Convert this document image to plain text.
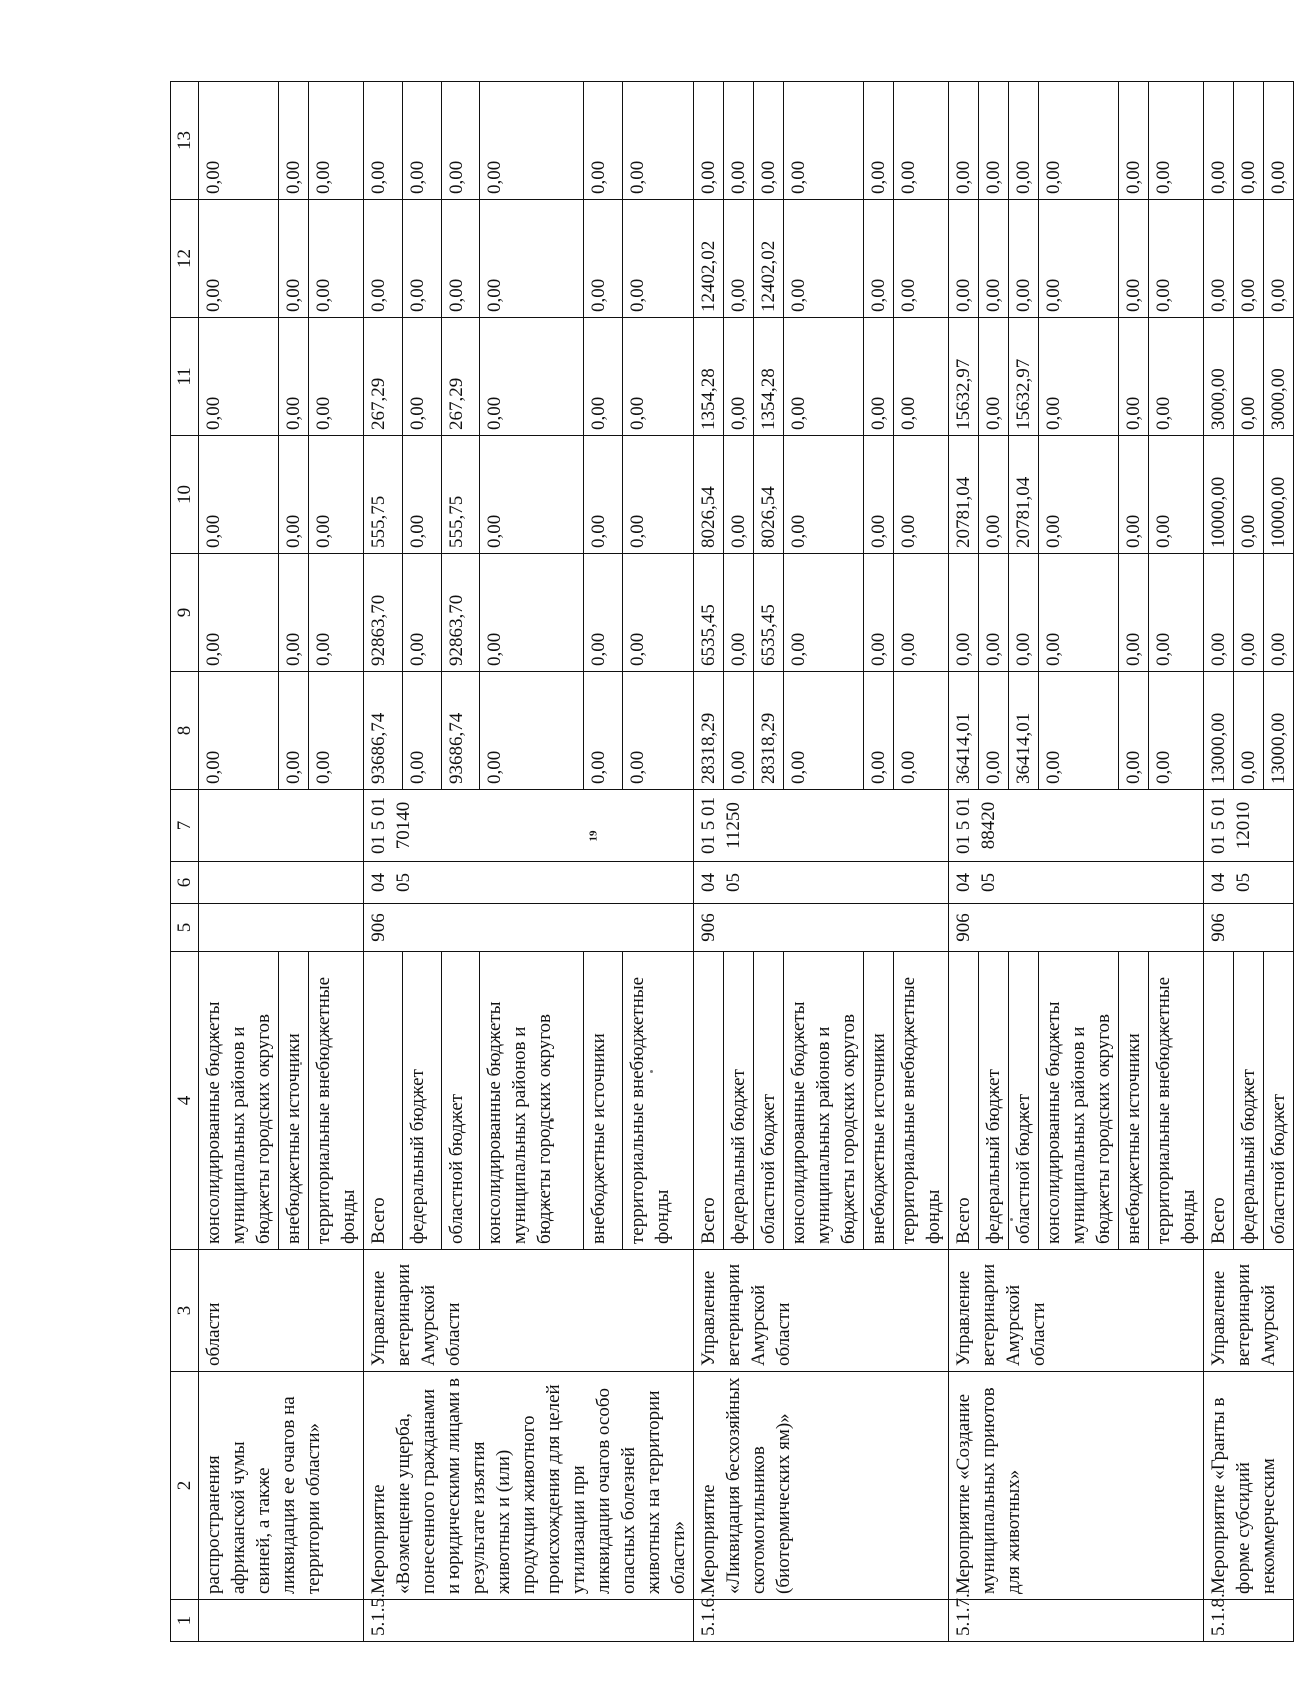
19
1	2	3	4	5	6	7	8	9	10	11	12	13
	распространения африканской чумы свиней, а также ликвидация ее очагов на территории области»	области	консолидированные бюджеты муниципальных районов и бюджеты городских округов				0,00	0,00	0,00	0,00	0,00	0,00
			внебюджетные источники				0,00	0,00	0,00	0,00	0,00	0,00
			территориальные внебюджетные фонды				0,00	0,00	0,00	0,00	0,00	0,00
5.1.5.	Мероприятие «Возмещение ущерба, понесенного гражданами и юридическими лицами в результате изъятия животных и (или) продукции животного происхождения для целей утилизации при ликвидации очагов особо опасных болезней животных на территории области»	Управление ветеринарии Амурской области	Всего	906	04 05	01 5 01 70140	93686,74	92863,70	555,75	267,29	0,00	0,00
			федеральный бюджет				0,00	0,00	0,00	0,00	0,00	0,00
			областной бюджет				93686,74	92863,70	555,75	267,29	0,00	0,00
			консолидированные бюджеты муниципальных районов и бюджеты городских округов				0,00	0,00	0,00	0,00	0,00	0,00
			внебюджетные источники				0,00	0,00	0,00	0,00	0,00	0,00
			территориальные внебюджетные фонды				0,00	0,00	0,00	0,00	0,00	0,00
5.1.6.	Мероприятие «Ликвидация бесхозяйных скотомогильников (биотермических ям)»	Управление ветеринарии Амурской области	Всего	906	04 05	01 5 01 11250	28318,29	6535,45	8026,54	1354,28	12402,02	0,00
			федеральный бюджет				0,00	0,00	0,00	0,00	0,00	0,00
			областной бюджет				28318,29	6535,45	8026,54	1354,28	12402,02	0,00
			консолидированные бюджеты муниципальных районов и бюджеты городских округов				0,00	0,00	0,00	0,00	0,00	0,00
			внебюджетные источники				0,00	0,00	0,00	0,00	0,00	0,00
			территориальные внебюджетные фонды				0,00	0,00	0,00	0,00	0,00	0,00
5.1.7.	Мероприятие «Создание муниципальных приютов для животных»	Управление ветеринарии Амурской области	Всего	906	04 05	01 5 01 88420	36414,01	0,00	20781,04	15632,97	0,00	0,00
			федеральный бюджет				0,00	0,00	0,00	0,00	0,00	0,00
			областной бюджет				36414,01	0,00	20781,04	15632,97	0,00	0,00
			консолидированные бюджеты муниципальных районов и бюджеты городских округов				0,00	0,00	0,00	0,00	0,00	0,00
			внебюджетные источники				0,00	0,00	0,00	0,00	0,00	0,00
			территориальные внебюджетные фонды				0,00	0,00	0,00	0,00	0,00	0,00
5.1.8.	Мероприятие «Гранты в форме субсидий некоммерческим	Управление ветеринарии Амурской	Всего	906	04 05	01 5 01 12010	13000,00	0,00	10000,00	3000,00	0,00	0,00
			федеральный бюджет				0,00	0,00	0,00	0,00	0,00	0,00
			областной бюджет				13000,00	0,00	10000,00	3000,00	0,00	0,00
